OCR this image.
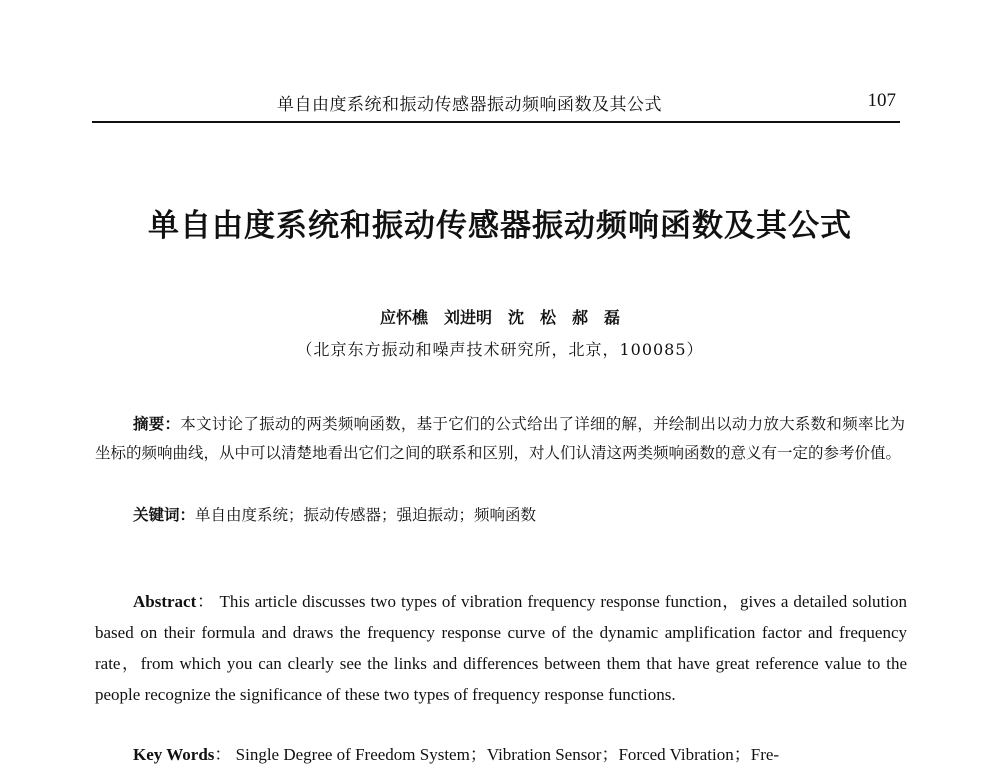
单自由度系统和振动传感器振动频响函数及其公式	107
单自由度系统和振动传感器振动频响函数及其公式
应怀樵　刘进明　沈　松　郝　磊
（北京东方振动和噪声技术研究所，北京，100085）

摘要：本文讨论了振动的两类频响函数，基于它们的公式给出了详细的解，并绘制出以动力放大系数和频率比为坐标的频响曲线，从中可以清楚地看出它们之间的联系和区别，对人们认清这两类频响函数的意义有一定的参考价值。

关键词：单自由度系统；振动传感器；强迫振动；频响函数

Abstract： This article discusses two types of vibration frequency response function，gives a detailed solution based on their formula and draws the frequency response curve of the dynamic amplification factor and frequency rate，from which you can clearly see the links and differences between them that have great reference value to the people recognize the significance of these two types of frequency response functions.

Key Words： Single Degree of Freedom System；Vibration Sensor；Forced Vibration；Fre-
